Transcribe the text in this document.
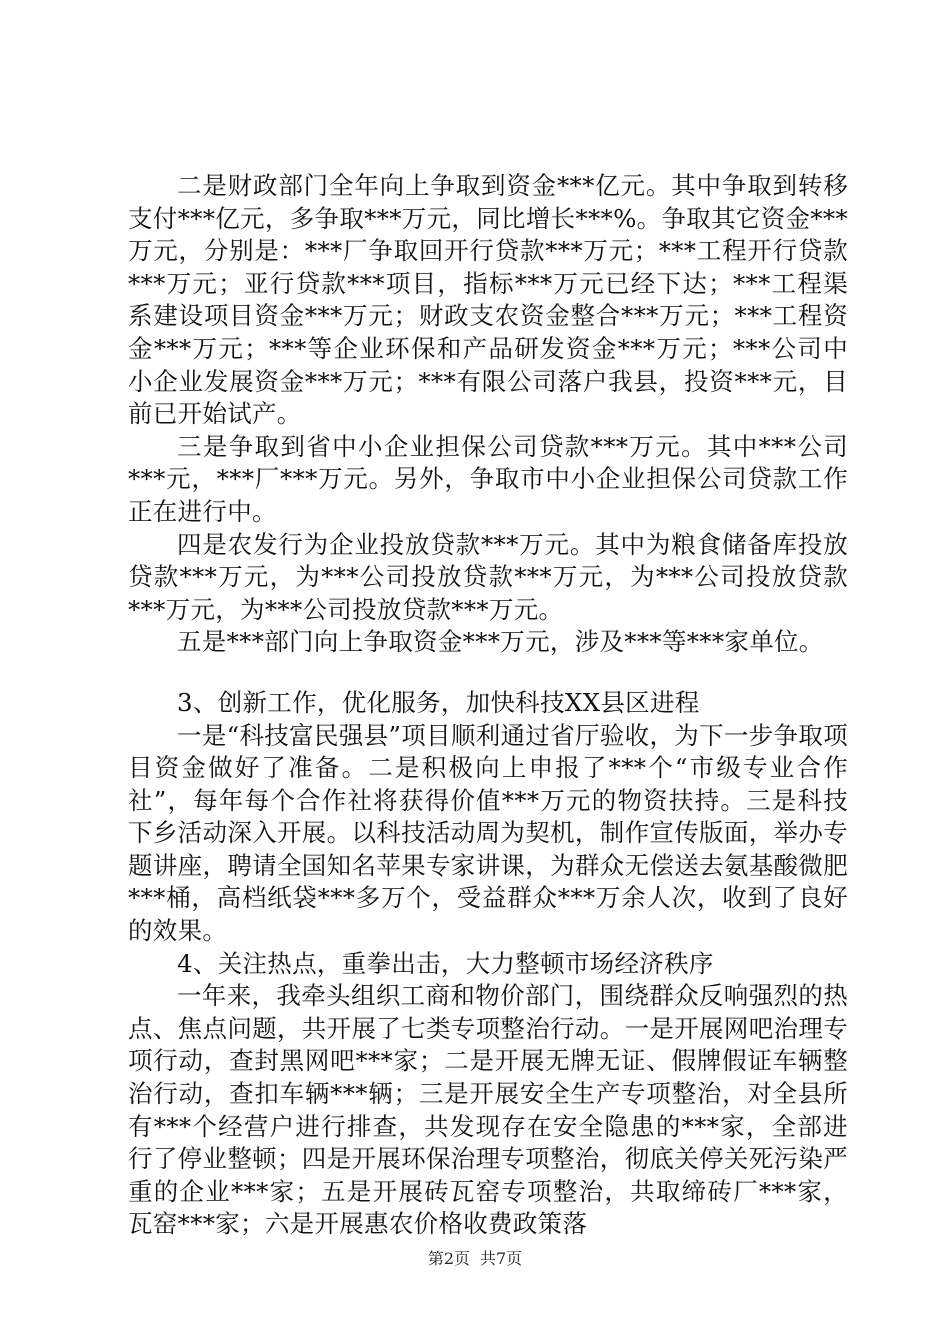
二是财政部门全年向上争取到资金***亿元。其中争取到转移支付***亿元，多争取***万元，同比增长***%。争取其它资金***万元，分别是：***厂争取回开行贷款***万元；***工程开行贷款***万元；亚行贷款***项目，指标***万元已经下达；***工程渠系建设项目资金***万元；财政支农资金整合***万元；***工程资金***万元；***等企业环保和产品研发资金***万元；***公司中小企业发展资金***万元；***有限公司落户我县，投资***元，目前已开始试产。

三是争取到省中小企业担保公司贷款***万元。其中***公司***元，***厂***万元。另外，争取市中小企业担保公司贷款工作正在进行中。

四是农发行为企业投放贷款***万元。其中为粮食储备库投放贷款***万元，为***公司投放贷款***万元，为***公司投放贷款***万元，为***公司投放贷款***万元。

五是***部门向上争取资金***万元，涉及***等***家单位。

3、创新工作，优化服务，加快科技XX县区进程

一是“科技富民强县”项目顺利通过省厅验收，为下一步争取项目资金做好了准备。二是积极向上申报了***个“市级专业合作社”，每年每个合作社将获得价值***万元的物资扶持。三是科技下乡活动深入开展。以科技活动周为契机，制作宣传版面，举办专题讲座，聘请全国知名苹果专家讲课，为群众无偿送去氨基酸微肥***桶，高档纸袋***多万个，受益群众***万余人次，收到了良好的效果。

4、关注热点，重拳出击，大力整顿市场经济秩序

一年来，我牵头组织工商和物价部门，围绕群众反响强烈的热点、焦点问题，共开展了七类专项整治行动。一是开展网吧治理专项行动，查封黑网吧***家；二是开展无牌无证、假牌假证车辆整治行动，查扣车辆***辆；三是开展安全生产专项整治，对全县所有***个经营户进行排查，共发现存在安全隐患的***家，全部进行了停业整顿；四是开展环保治理专项整治，彻底关停关死污染严重的企业***家；五是开展砖瓦窑专项整治，共取缔砖厂***家，瓦窑***家；六是开展惠农价格收费政策落

第2页 共7页
